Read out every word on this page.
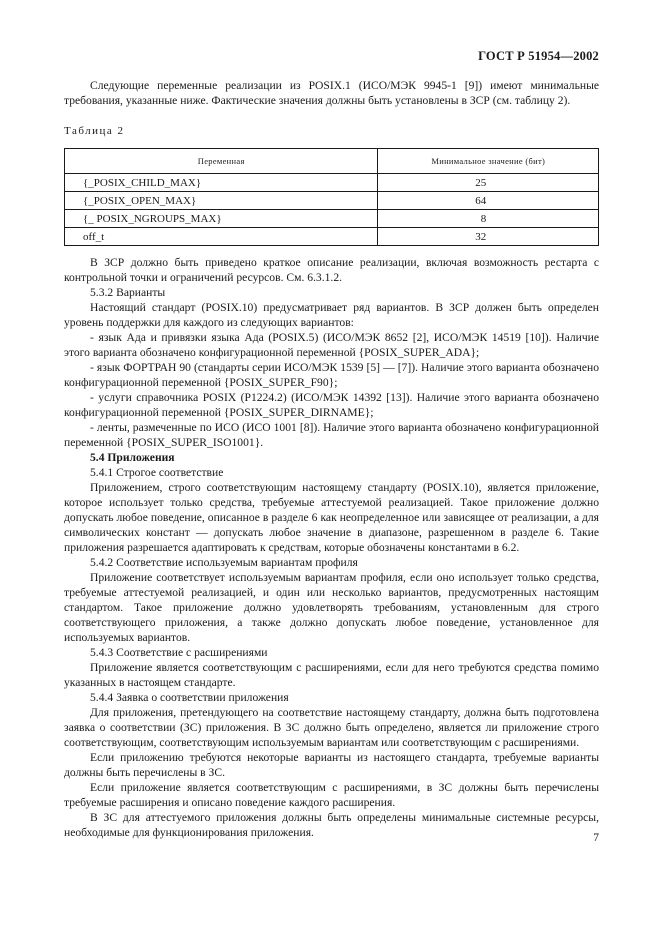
ГОСТ Р 51954—2002

Следующие переменные реализации из POSIX.1 (ИСО/МЭК 9945-1 [9]) имеют минимальные требования, указанные ниже. Фактические значения должны быть установлены в ЗСР (см. таблицу 2).

Таблица 2
Переменная	Минимальное значение (бит)
{_POSIX_CHILD_MAX}	25
{_POSIX_OPEN_MAX}	64
{_ POSIX_NGROUPS_MAX}	8
off_t	32

В ЗСР должно быть приведено краткое описание реализации, включая возможность рестарта с контрольной точки и ограничений ресурсов. См. 6.3.1.2.

5.3.2 Варианты

Настоящий стандарт (POSIX.10) предусматривает ряд вариантов. В ЗСР должен быть определен уровень поддержки для каждого из следующих вариантов:

- язык Ада и привязки языка Ада (POSIX.5) (ИСО/МЭК 8652 [2], ИСО/МЭК 14519 [10]). Наличие этого варианта обозначено конфигурационной переменной {POSIX_SUPER_ADA};

- язык ФОРТРАН 90 (стандарты серии ИСО/МЭК 1539 [5] — [7]). Наличие этого варианта обозначено конфигурационной переменной {POSIX_SUPER_F90};

- услуги справочника POSIX (P1224.2) (ИСО/МЭК 14392 [13]). Наличие этого варианта обозначено конфигурационной переменной {POSIX_SUPER_DIRNAME};

- ленты, размеченные по ИСО (ИСО 1001 [8]). Наличие этого варианта обозначено конфигурационной переменной {POSIX_SUPER_ISO1001}.

5.4 Приложения

5.4.1 Строгое соответствие

Приложением, строго соответствующим настоящему стандарту (POSIX.10), является приложение, которое использует только средства, требуемые аттестуемой реализацией. Такое приложение должно допускать любое поведение, описанное в разделе 6 как неопределенное или зависящее от реализации, а для символических констант — допускать любое значение в диапазоне, разрешенном в разделе 6. Такие приложения разрешается адаптировать к средствам, которые обозначены константами в 6.2.

5.4.2 Соответствие используемым вариантам профиля

Приложение соответствует используемым вариантам профиля, если оно использует только средства, требуемые аттестуемой реализацией, и один или несколько вариантов, предусмотренных настоящим стандартом. Такое приложение должно удовлетворять требованиям, установленным для строго соответствующего приложения, а также должно допускать любое поведение, установленное для используемых вариантов.

5.4.3 Соответствие с расширениями

Приложение является соответствующим с расширениями, если для него требуются средства помимо указанных в настоящем стандарте.

5.4.4 Заявка о соответствии приложения

Для приложения, претендующего на соответствие настоящему стандарту, должна быть подготовлена заявка о соответствии (ЗС) приложения. В ЗС должно быть определено, является ли приложение строго соответствующим, соответствующим используемым вариантам или соответствующим с расширениями.

Если приложению требуются некоторые варианты из настоящего стандарта, требуемые варианты должны быть перечислены в ЗС.

Если приложение является соответствующим с расширениями, в ЗС должны быть перечислены требуемые расширения и описано поведение каждого расширения.

В ЗС для аттестуемого приложения должны быть определены минимальные системные ресурсы, необходимые для функционирования приложения.	7
